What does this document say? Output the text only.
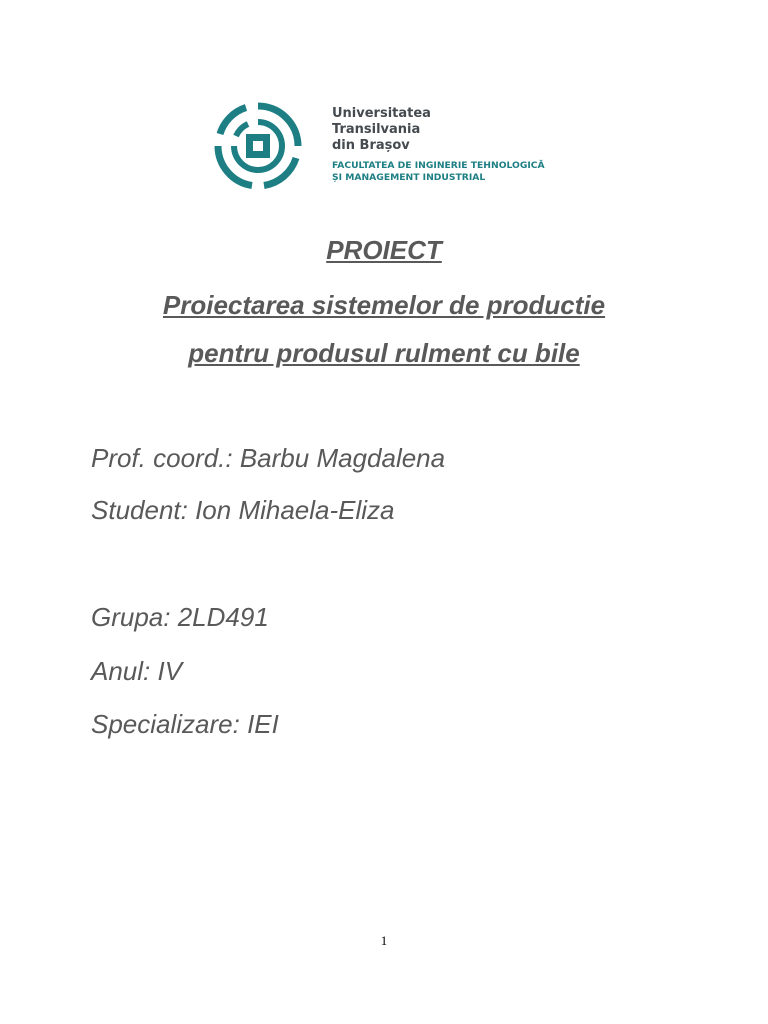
Universitatea
Transilvania
din Brașov
FACULTATEA DE INGINERIE TEHNOLOGICĂ
ȘI MANAGEMENT INDUSTRIAL
PROIECT
Proiectarea sistemelor de productie
pentru produsul rulment cu bile
Prof. coord.: Barbu Magdalena
Student: Ion Mihaela-Eliza
Grupa: 2LD491
Anul: IV
Specializare: IEI
1
